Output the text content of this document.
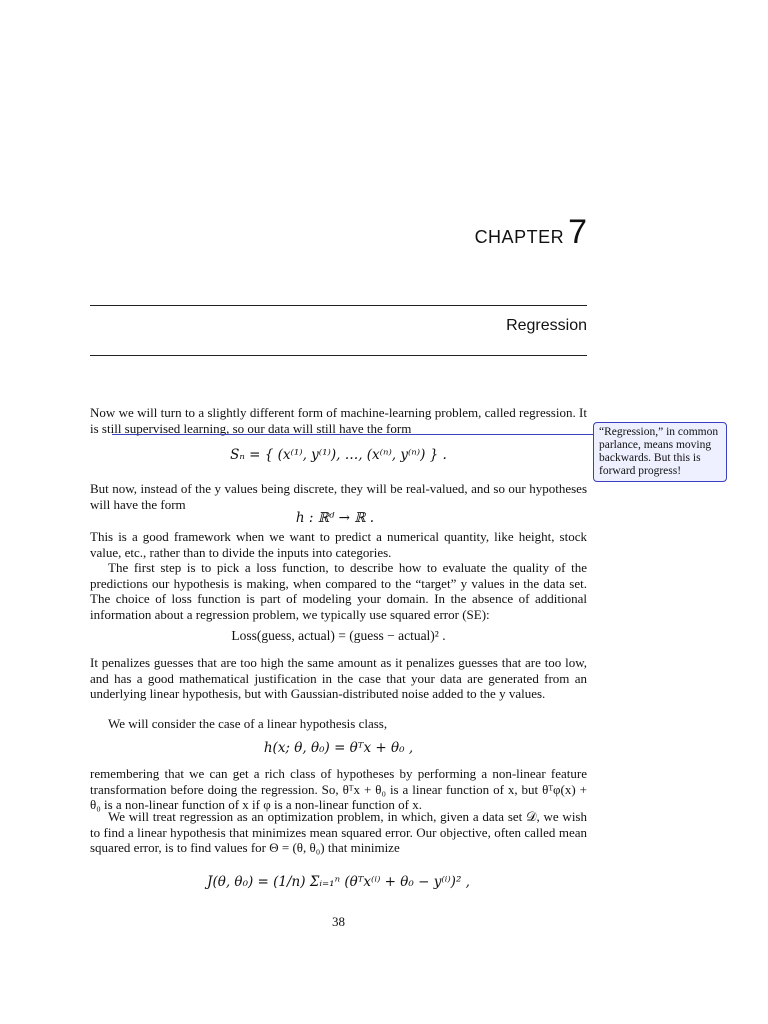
CHAPTER 7
Regression
Now we will turn to a slightly different form of machine-learning problem, called regression. It is still supervised learning, so our data will still have the form	“Regression,” in common parlance, means moving backwards. But this is forward progress!
Sₙ = { (x⁽¹⁾, y⁽¹⁾), …, (x⁽ⁿ⁾, y⁽ⁿ⁾) } .
But now, instead of the y values being discrete, they will be real-valued, and so our hypotheses will have the form
h : ℝᵈ → ℝ .
This is a good framework when we want to predict a numerical quantity, like height, stock value, etc., rather than to divide the inputs into categories.
The first step is to pick a loss function, to describe how to evaluate the quality of the predictions our hypothesis is making, when compared to the “target” y values in the data set. The choice of loss function is part of modeling your domain. In the absence of additional information about a regression problem, we typically use squared error (SE):
Loss(guess, actual) = (guess − actual)² .
It penalizes guesses that are too high the same amount as it penalizes guesses that are too low, and has a good mathematical justification in the case that your data are generated from an underlying linear hypothesis, but with Gaussian-distributed noise added to the y values.
We will consider the case of a linear hypothesis class,
h(x; θ, θ₀) = θᵀx + θ₀ ,
remembering that we can get a rich class of hypotheses by performing a non-linear feature transformation before doing the regression. So, θᵀx + θ₀ is a linear function of x, but θᵀφ(x) + θ₀ is a non-linear function of x if φ is a non-linear function of x.
We will treat regression as an optimization problem, in which, given a data set 𝒟, we wish to find a linear hypothesis that minimizes mean squared error. Our objective, often called mean squared error, is to find values for Θ = (θ, θ₀) that minimize
J(θ, θ₀) = (1/n) Σᵢ₌₁ⁿ (θᵀx⁽ⁱ⁾ + θ₀ − y⁽ⁱ⁾)² ,
38
